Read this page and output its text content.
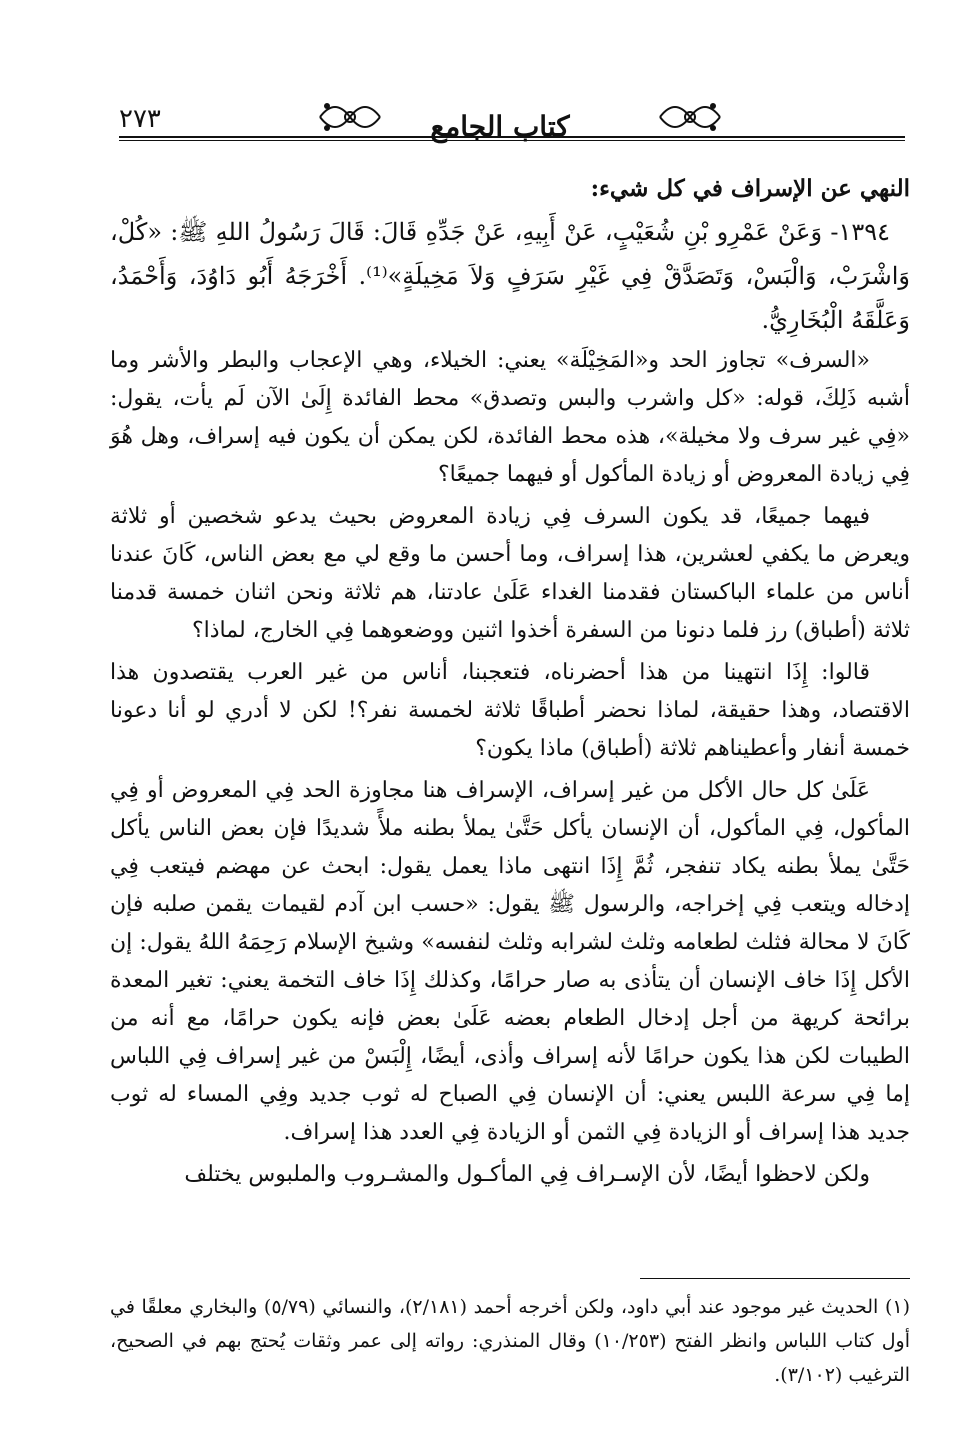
٢٧٣	كتاب الجامع

النهي عن الإسراف في كل شيء:

١٣٩٤- وَعَنْ عَمْرِو بْنِ شُعَيْبٍ، عَنْ أَبِيهِ، عَنْ جَدِّهِ قَالَ: قَالَ رَسُولُ اللهِ ﷺ: «كُلْ، وَاشْرَبْ، وَالْبَسْ، وَتَصَدَّقْ فِي غَيْرِ سَرَفٍ وَلاَ مَخِيلَةٍ»⁽¹⁾. أَخْرَجَهُ أَبُو دَاوُدَ، وَأَحْمَدُ، وَعَلَّقَهُ الْبُخَارِيُّ.

«السرف» تجاوز الحد و«المَخِيْلَة» يعني: الخيلاء، وهي الإعجاب والبطر والأشر وما أشبه ذَلِكَ، قوله: «كل واشرب والبس وتصدق» محط الفائدة إِلَىٰ الآن لَم يأت، يقول: «فِي غير سرف ولا مخيلة»، هذه محط الفائدة، لكن يمكن أن يكون فيه إسراف، وهل هُوَ فِي زيادة المعروض أو زيادة المأكول أو فيهما جميعًا؟

فيهما جميعًا، قد يكون السرف فِي زيادة المعروض بحيث يدعو شخصين أو ثلاثة ويعرض ما يكفي لعشرين، هذا إسراف، وما أحسن ما وقع لي مع بعض الناس، كَانَ عندنا أناس من علماء الباكستان فقدمنا الغداء عَلَىٰ عادتنا، هم ثلاثة ونحن اثنان خمسة قدمنا ثلاثة (أطباق) رز فلما دنونا من السفرة أخذوا اثنين ووضعوهما فِي الخارج، لماذا؟

قالوا: إِذَا انتهينا من هذا أحضرناه، فتعجبنا، أناس من غير العرب يقتصدون هذا الاقتصاد، وهذا حقيقة، لماذا نحضر أطباقًا ثلاثة لخمسة نفر؟! لكن لا أدري لو أنا دعونا خمسة أنفار وأعطيناهم ثلاثة (أطباق) ماذا يكون؟

عَلَىٰ كل حال الأكل من غير إسراف، الإسراف هنا مجاوزة الحد فِي المعروض أو فِي المأكول، فِي المأكول، أن الإنسان يأكل حَتَّىٰ يملأ بطنه ملأً شديدًا فإن بعض الناس يأكل حَتَّىٰ يملأ بطنه يكاد تنفجر، ثُمَّ إِذَا انتهى ماذا يعمل يقول: ابحث عن مهضم فيتعب فِي إدخاله ويتعب فِي إخراجه، والرسول ﷺ يقول: «حسب ابن آدم لقيمات يقمن صلبه فإن كَانَ لا محالة فثلث لطعامه وثلث لشرابه وثلث لنفسه» وشيخ الإسلام رَحِمَهُ اللهُ يقول: إن الأكل إِذَا خاف الإنسان أن يتأذى به صار حرامًا، وكذلك إِذَا خاف التخمة يعني: تغير المعدة برائحة كريهة من أجل إدخال الطعام بعضه عَلَىٰ بعض فإنه يكون حرامًا، مع أنه من الطيبات لكن هذا يكون حرامًا لأنه إسراف وأذى، أيضًا، إِلْبَسْ من غير إسراف فِي اللباس إما فِي سرعة اللبس يعني: أن الإنسان فِي الصباح له ثوب جديد وفِي المساء له ثوب جديد هذا إسراف أو الزيادة فِي الثمن أو الزيادة فِي العدد هذا إسراف.

ولكن لاحظوا أيضًا، لأن الإسـراف فِي المأكـول والمشـروب والملبوس يختلف

(١) الحديث غير موجود عند أبي داود، ولكن أخرجه أحمد (٢/١٨١)، والنسائي (٥/٧٩) والبخاري معلقًا في أول كتاب اللباس وانظر الفتح (١٠/٢٥٣) وقال المنذري: رواته إلى عمر وثقات يُحتج بهم في الصحيح، الترغيب (٣/١٠٢).
